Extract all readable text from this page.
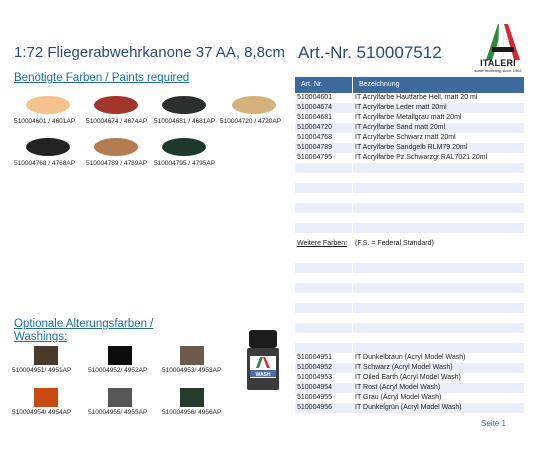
1:72 Fliegerabwehrkanone 37 AA, 8,8cm Art.-Nr. 510007512
ITALERI
scale modeling since 1962
Benötigte Farben / Paints required
Optionale Alterungsfarben /
Washings:
510004601 / 4601AP 510004674 / 4674AP 510004681 / 4681AP 510004720 / 4720AP
510004768 / 4768AP 510004789 / 4789AP 510004795 / 4795AP
510004951/ 4951AP	510004952/ 4952AP 510004953/ 4953AP
510004954/ 4954AP	510004955/ 4955AP 510004956/ 4956AP
WASH
Art. Nr.	Bezeichnung
510004601	IT Acrylfarbe Hautfarbe Hell, matt 20 ml
510004674	IT Acrylfarbe Leder matt 20ml
510004681	IT Acrylfarbe Metallgrau matt 20ml
510004720	IT Acrylfarbe Sand matt 20ml
510004768	IT Acrylfarbe Schwarz matt 20ml
510004789	IT Acrylfarbe Sandgelb RLM79 20ml
510004795	IT Acrylfarbe Pz.Schwarzgr.RAL7021 20ml
510004951	IT Dunkelbraun (Acryl Model Wash)
510004952	IT Schwarz (Acryl Model Wash)
510004953	IT Oiled Earth (Acryl Model Wash)
510004954	IT Rost (Acryl Model Wash)
510004955	IT Grau (Acryl Model Wash)
510004956	IT Dunkelgrün (Acryl Model Wash)
Weitere Farben: (F.S. = Federal Standard)
Seite 1
